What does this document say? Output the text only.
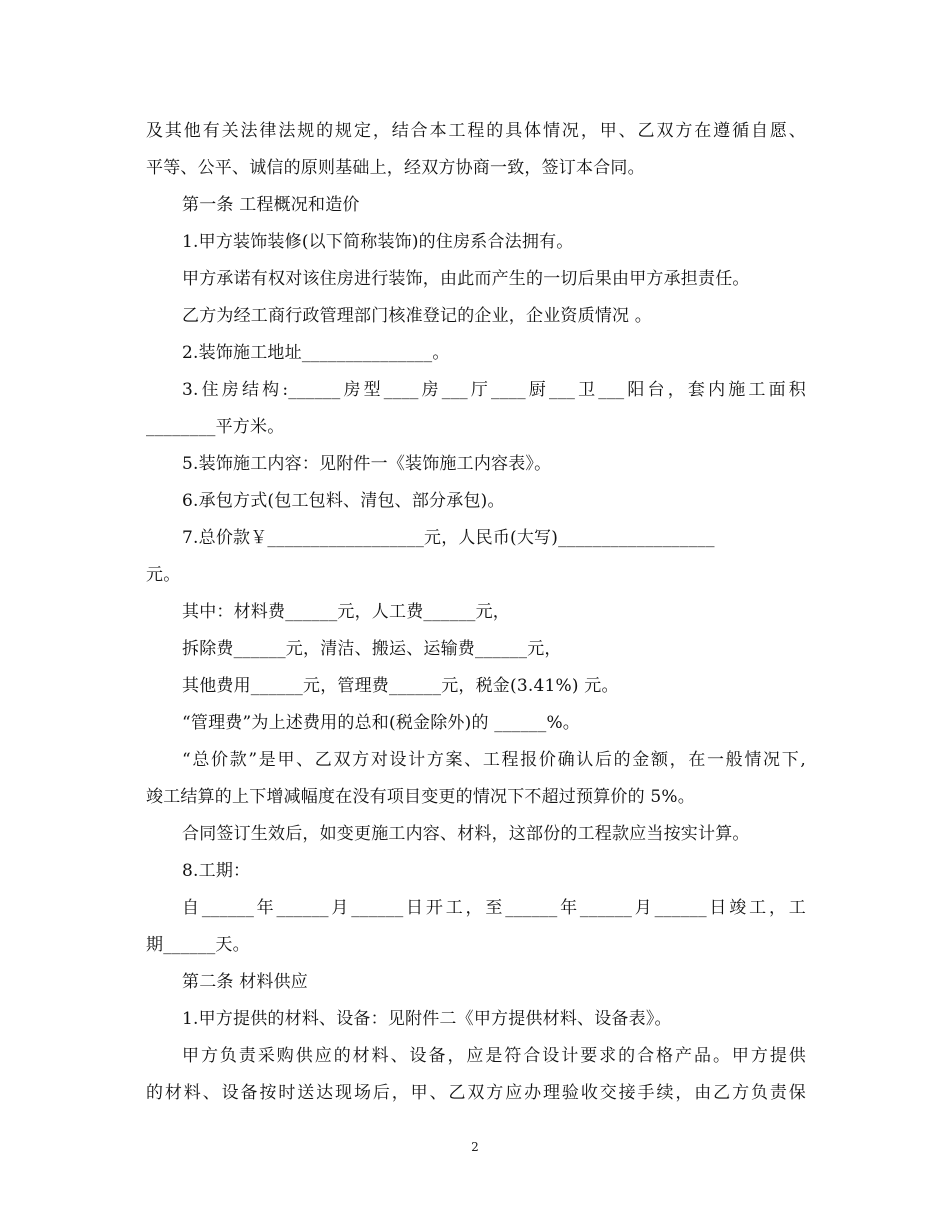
及其他有关法律法规的规定，结合本工程的具体情况，甲、乙双方在遵循自愿、
平等、公平、诚信的原则基础上，经双方协商一致，签订本合同。
第一条 工程概况和造价
1.甲方装饰装修(以下简称装饰)的住房系合法拥有。
甲方承诺有权对该住房进行装饰，由此而产生的一切后果由甲方承担责任。
乙方为经工商行政管理部门核准登记的企业，企业资质情况 。
2.装饰施工地址_______________。
3.住房结构:______房型____房___厅____厨___卫___阳台，套内施工面积
________平方米。
5.装饰施工内容：见附件一《装饰施工内容表》。
6.承包方式(包工包料、清包、部分承包)。
7.总价款￥__________________元，人民币(大写)__________________
元。
其中：材料费______元，人工费______元，
拆除费______元，清洁、搬运、运输费______元，
其他费用______元，管理费______元，税金(3.41%) 元。
“管理费”为上述费用的总和(税金除外)的 ______%。
“总价款”是甲、乙双方对设计方案、工程报价确认后的金额，在一般情况下,
竣工结算的上下增减幅度在没有项目变更的情况下不超过预算价的 5%。
合同签订生效后，如变更施工内容、材料，这部份的工程款应当按实计算。
8.工期：
自______年______月______日开工，至______年______月______日竣工，工
期______天。
第二条 材料供应
1.甲方提供的材料、设备：见附件二《甲方提供材料、设备表》。
甲方负责采购供应的材料、设备，应是符合设计要求的合格产品。甲方提供
的材料、设备按时送达现场后，甲、乙双方应办理验收交接手续，由乙方负责保
2
